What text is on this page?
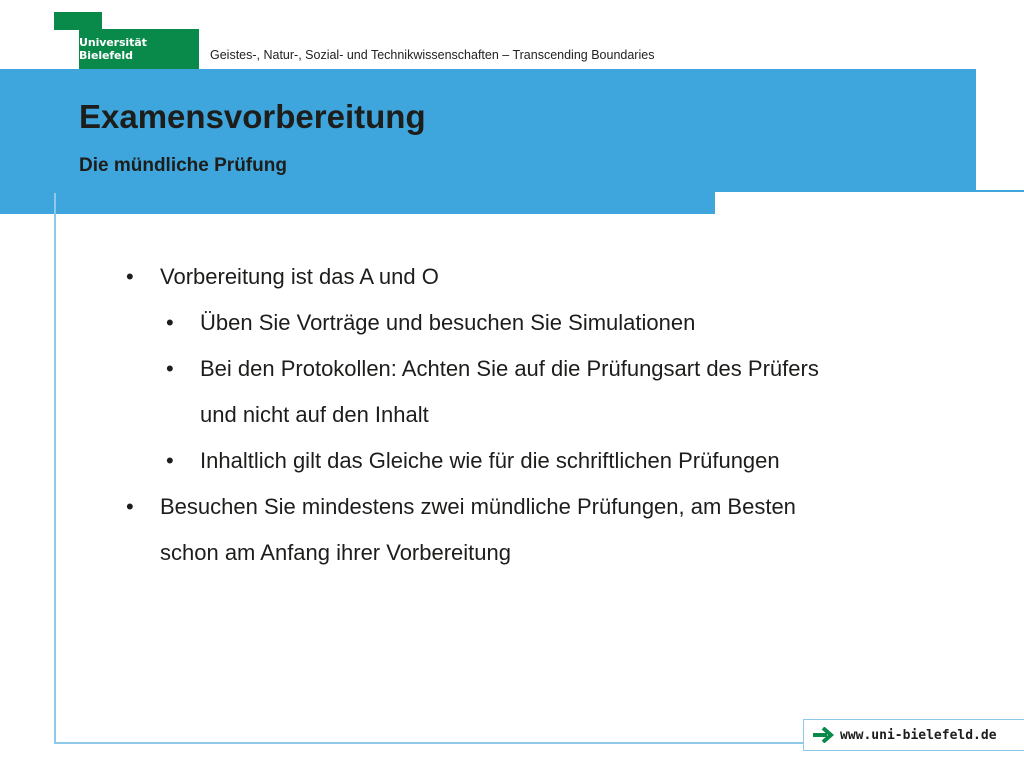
Universität Bielefeld	Geistes-, Natur-, Sozial- und Technikwissenschaften – Transcending Boundaries
Examensvorbereitung
Die mündliche Prüfung
• Vorbereitung ist das A und O
• Üben Sie Vorträge und besuchen Sie Simulationen
• Bei den Protokollen: Achten Sie auf die Prüfungsart des Prüfers
und nicht auf den Inhalt
• Inhaltlich gilt das Gleiche wie für die schriftlichen Prüfungen
• Besuchen Sie mindestens zwei mündliche Prüfungen, am Besten
schon am Anfang ihrer Vorbereitung
www.uni-bielefeld.de
